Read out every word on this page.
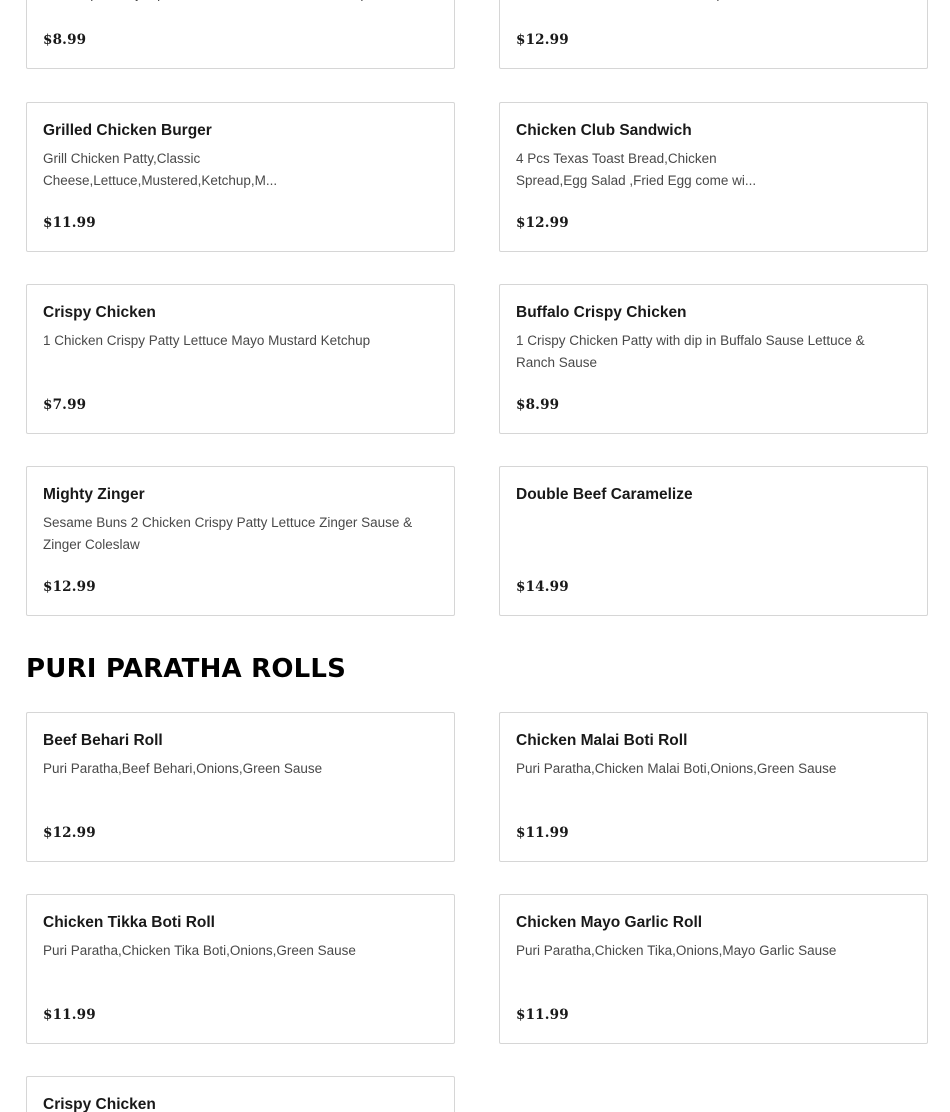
$8.99	$12.99
Grilled Chicken Burger
Grill Chicken Patty,Classic Cheese,Lettuce,Mustered,Ketchup,M...
$11.99
Chicken Club Sandwich
4 Pcs Texas Toast Bread,Chicken Spread,Egg Salad ,Fried Egg come wi...
$12.99
Crispy Chicken
1 Chicken Crispy Patty Lettuce Mayo Mustard Ketchup
$7.99
Buffalo Crispy Chicken
1 Crispy Chicken Patty with dip in Buffalo Sause Lettuce & Ranch Sause
$8.99
Mighty Zinger
Sesame Buns 2 Chicken Crispy Patty Lettuce Zinger Sause & Zinger Coleslaw
$12.99
Double Beef Caramelize
$14.99
PURI PARATHA ROLLS
Beef Behari Roll
Puri Paratha,Beef Behari,Onions,Green Sause
$12.99
Chicken Malai Boti Roll
Puri Paratha,Chicken Malai Boti,Onions,Green Sause
$11.99
Chicken Tikka Boti Roll
Puri Paratha,Chicken Tika Boti,Onions,Green Sause
$11.99
Chicken Mayo Garlic Roll
Puri Paratha,Chicken Tika,Onions,Mayo Garlic Sause
$11.99
Crispy Chicken
